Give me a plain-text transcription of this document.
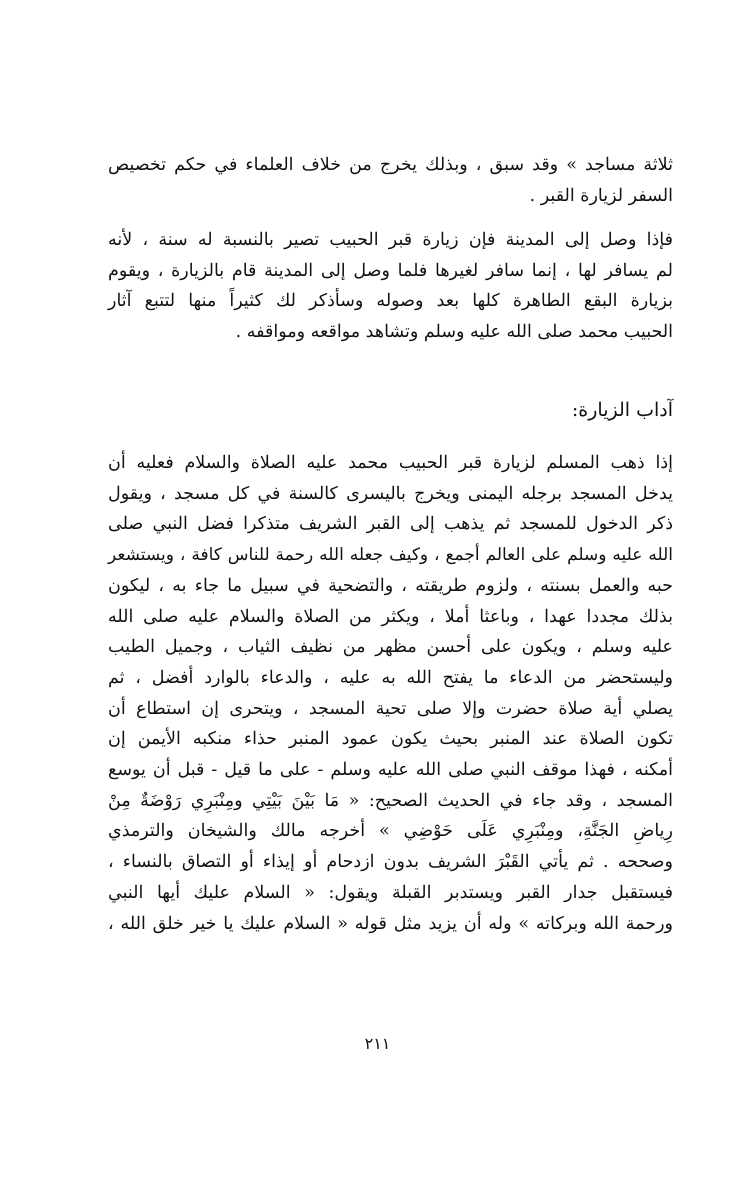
ثلاثة مساجد » وقد سبق ، وبذلك يخرج من خلاف العلماء في حكم تخصيص
السفر لزيارة القبر .
فإذا وصل إلى المدينة فإن زيارة قبر الحبيب تصير بالنسبة له سنة ، لأنه
لم يسافر لها ، إنما سافر لغيرها فلما وصل إلى المدينة قام بالزيارة ، ويقوم
بزيارة البقع الطاهرة كلها بعد وصوله وسأذكر لك كثيراً منها لتتبع آثار
الحبيب محمد صلى الله عليه وسلم وتشاهد مواقعه ومواقفه .
آداب الزيارة:
إذا ذهب المسلم لزيارة قبر الحبيب محمد عليه الصلاة والسلام فعليه أن
يدخل المسجد برجله اليمنى ويخرج باليسرى كالسنة في كل مسجد ، ويقول
ذكر الدخول للمسجد ثم يذهب إلى القبر الشريف متذكرا فضل النبي صلى
الله عليه وسلم على العالم أجمع ، وكيف جعله الله رحمة للناس كافة ، ويستشعر
حبه والعمل بسنته ، ولزوم طريقته ، والتضحية في سبيل ما جاء به ، ليكون
بذلك مجددا عهدا ، وباعثا أملا ، ويكثر من الصلاة والسلام عليه صلى الله
عليه وسلم ، ويكون على أحسن مظهر من نظيف الثياب ، وجميل الطيب
وليستحضر من الدعاء ما يفتح الله به عليه ، والدعاء بالوارد أفضل ، ثم
يصلي أية صلاة حضرت وإلا صلى تحية المسجد ، ويتحرى إن استطاع أن
تكون الصلاة عند المنبر بحيث يكون عمود المنبر حذاء منكبه الأيمن إن
أمكنه ، فهذا موقف النبي صلى الله عليه وسلم - على ما قيل - قبل أن يوسع
المسجد ، وقد جاء في الحديث الصحيح: « مَا بَيْنَ بَيْتِي ومِنْبَرِي رَوْضَةٌ مِنْ
رِياضِ الجَنَّةِ، ومِنْبَرِي عَلَى حَوْضِي » أخرجه مالك والشيخان والترمذي
وصححه . ثم يأتي القَبْرَ الشريف بدون ازدحام أو إيذاء أو التصاق بالنساء ،
فيستقبل جدار القبر ويستدبر القبلة ويقول: « السلام عليك أيها النبي
ورحمة الله وبركاته » وله أن يزيد مثل قوله « السلام عليك يا خير خلق الله ،
٢١١
